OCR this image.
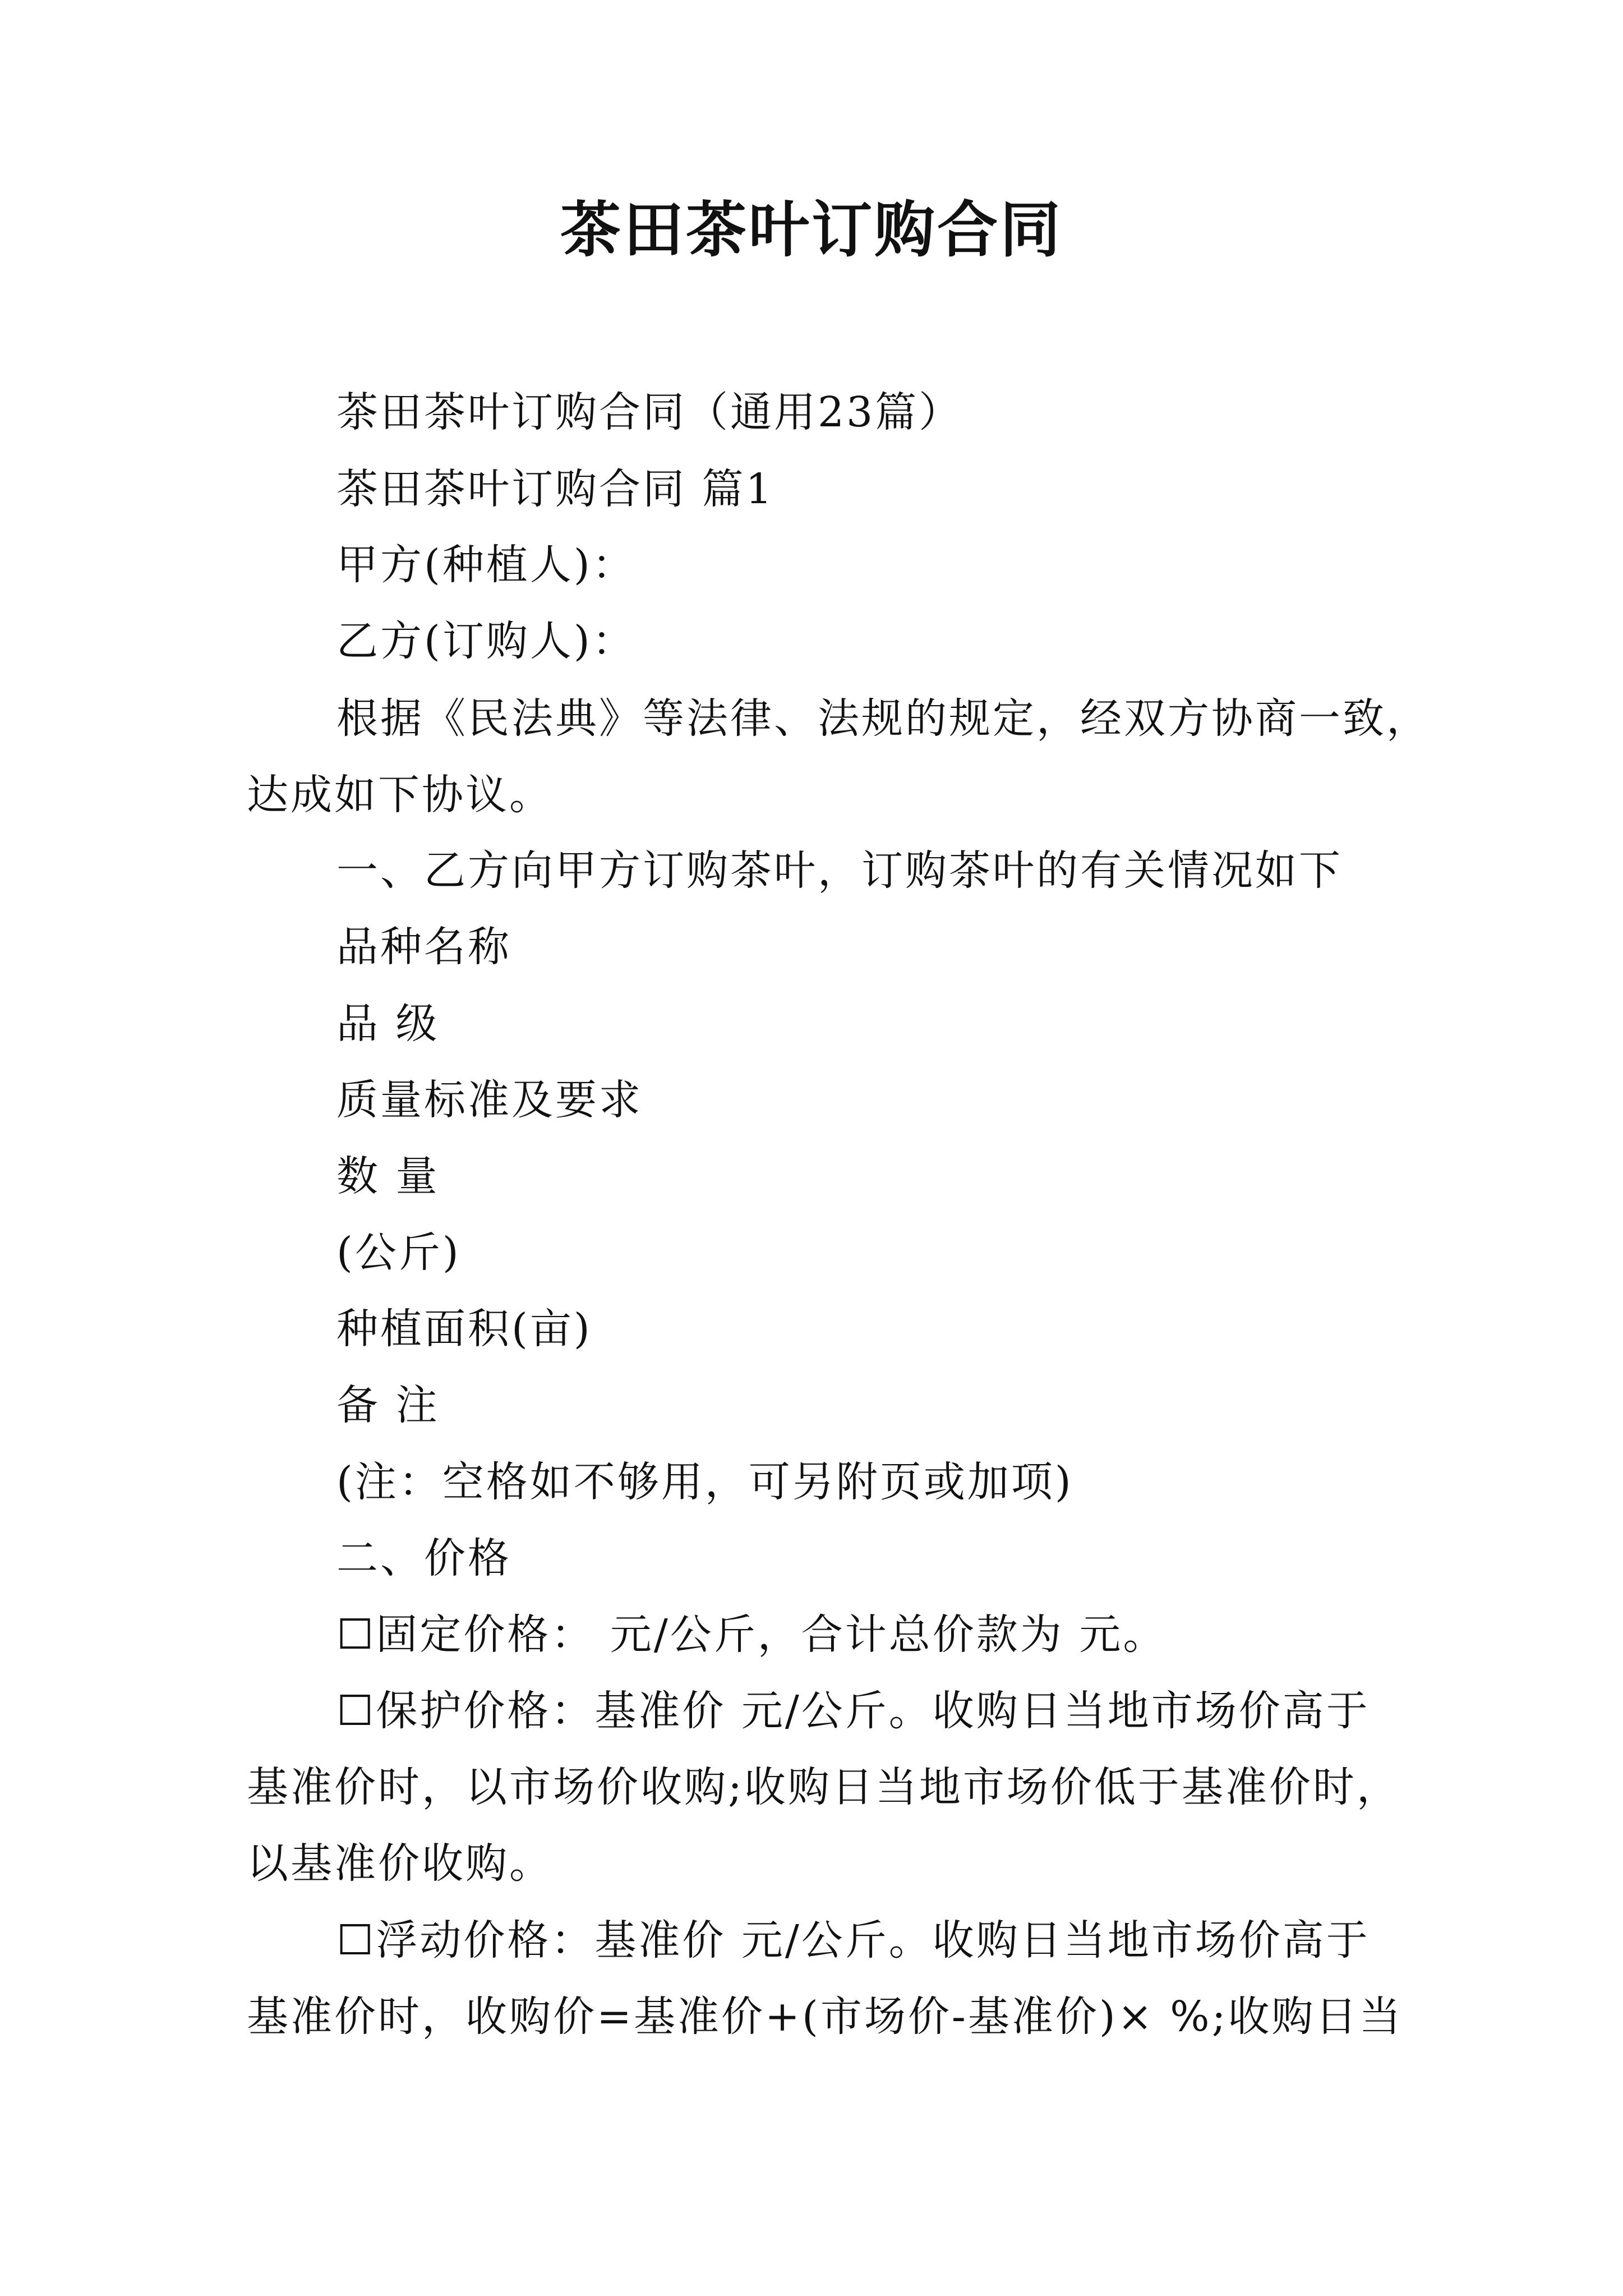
茶田茶叶订购合同

茶田茶叶订购合同（通用23篇）

茶田茶叶订购合同 篇1

甲方(种植人)：

乙方(订购人)：

根据《民法典》等法律、法规的规定，经双方协商一致，

达成如下协议。

一、乙方向甲方订购茶叶，订购茶叶的有关情况如下

品种名称

品 级

质量标准及要求

数 量

(公斤)

种植面积(亩)

备 注

(注：空格如不够用，可另附页或加项)

二、价格

☐固定价格： 元/公斤，合计总价款为 元。

☐保护价格：基准价 元/公斤。收购日当地市场价高于

基准价时，以市场价收购;收购日当地市场价低于基准价时，

以基准价收购。

☐浮动价格：基准价 元/公斤。收购日当地市场价高于

基准价时，收购价=基准价+(市场价-基准价)× %;收购日当
